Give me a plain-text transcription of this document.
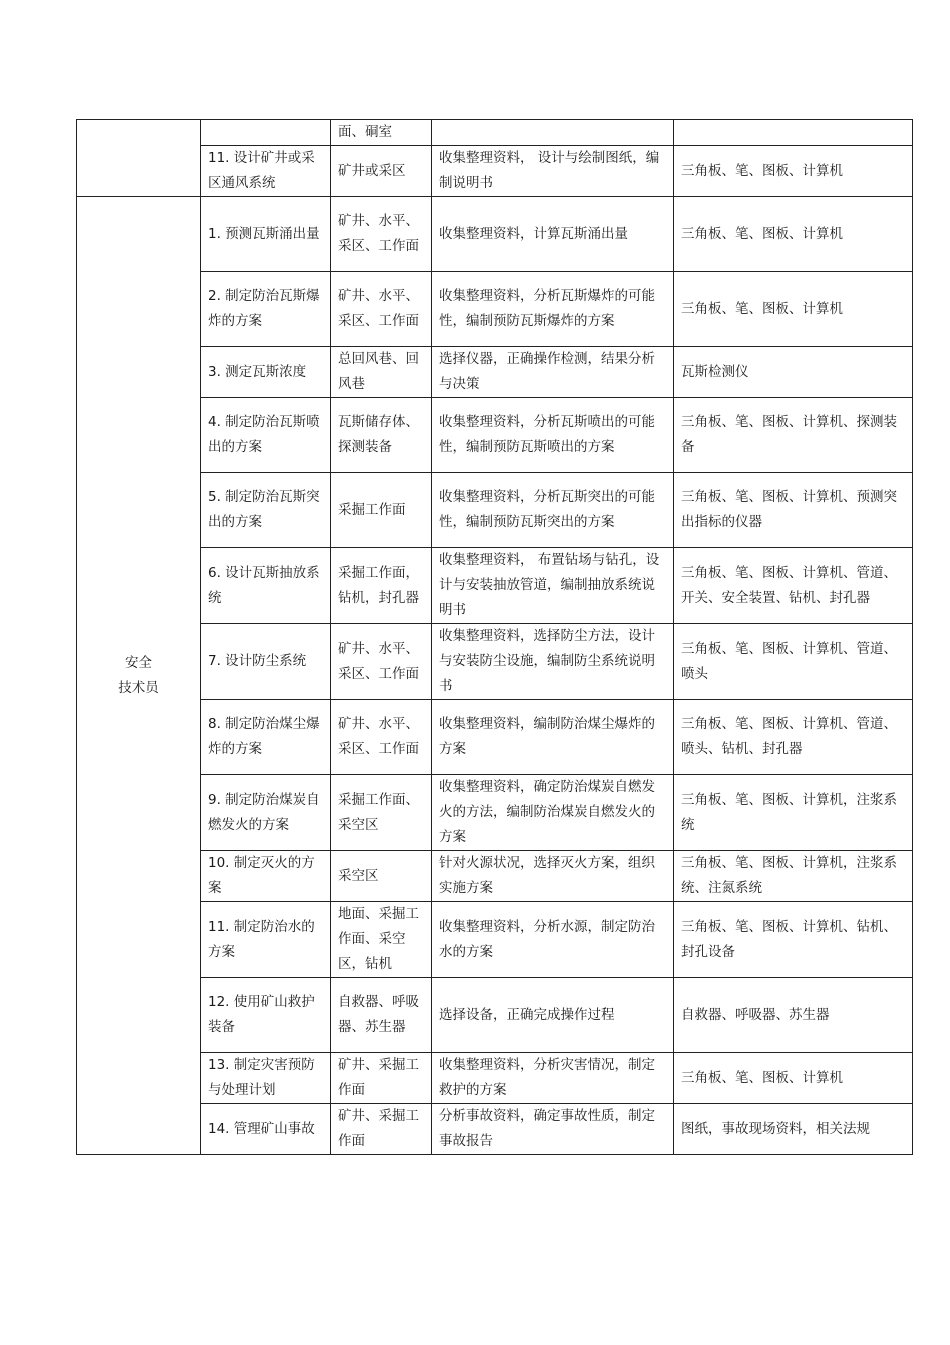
		面、硐室		
	11. 设计矿井或采区通风系统	矿井或采区	收集整理资料， 设计与绘制图纸，编制说明书	三角板、笔、图板、计算机

安全
技术员	1. 预测瓦斯涌出量	矿井、水平、采区、工作面	收集整理资料，计算瓦斯涌出量	三角板、笔、图板、计算机
	2. 制定防治瓦斯爆炸的方案	矿井、水平、采区、工作面	收集整理资料，分析瓦斯爆炸的可能性，编制预防瓦斯爆炸的方案	三角板、笔、图板、计算机
	3. 测定瓦斯浓度	总回风巷、回风巷	选择仪器，正确操作检测，结果分析与决策	瓦斯检测仪
	4. 制定防治瓦斯喷出的方案	瓦斯储存体、探测装备	收集整理资料，分析瓦斯喷出的可能性，编制预防瓦斯喷出的方案	三角板、笔、图板、计算机、探测装备
	5. 制定防治瓦斯突出的方案	采掘工作面	收集整理资料，分析瓦斯突出的可能性，编制预防瓦斯突出的方案	三角板、笔、图板、计算机、预测突出指标的仪器
	6. 设计瓦斯抽放系统	采掘工作面，钻机，封孔器	收集整理资料， 布置钻场与钻孔，设计与安装抽放管道，编制抽放系统说明书	三角板、笔、图板、计算机、管道、开关、安全装置、钻机、封孔器
	7. 设计防尘系统	矿井、水平、采区、工作面	收集整理资料，选择防尘方法，设计与安装防尘设施，编制防尘系统说明书	三角板、笔、图板、计算机、管道、喷头
	8. 制定防治煤尘爆炸的方案	矿井、水平、采区、工作面	收集整理资料，编制防治煤尘爆炸的方案	三角板、笔、图板、计算机、管道、喷头、钻机、封孔器
	9. 制定防治煤炭自燃发火的方案	采掘工作面、采空区	收集整理资料，确定防治煤炭自燃发火的方法，编制防治煤炭自燃发火的方案	三角板、笔、图板、计算机，注浆系统
	10. 制定灭火的方案	采空区	针对火源状况，选择灭火方案，组织实施方案	三角板、笔、图板、计算机，注浆系统、注氮系统
	11. 制定防治水的方案	地面、采掘工作面、采空区，钻机	收集整理资料，分析水源，制定防治水的方案	三角板、笔、图板、计算机、钻机、封孔设备
	12. 使用矿山救护装备	自救器、呼吸器、苏生器	选择设备，正确完成操作过程	自救器、呼吸器、苏生器
	13. 制定灾害预防与处理计划	矿井、采掘工作面	收集整理资料，分析灾害情况，制定救护的方案	三角板、笔、图板、计算机
	14. 管理矿山事故	矿井、采掘工作面	分析事故资料，确定事故性质，制定事故报告	图纸，事故现场资料，相关法规
